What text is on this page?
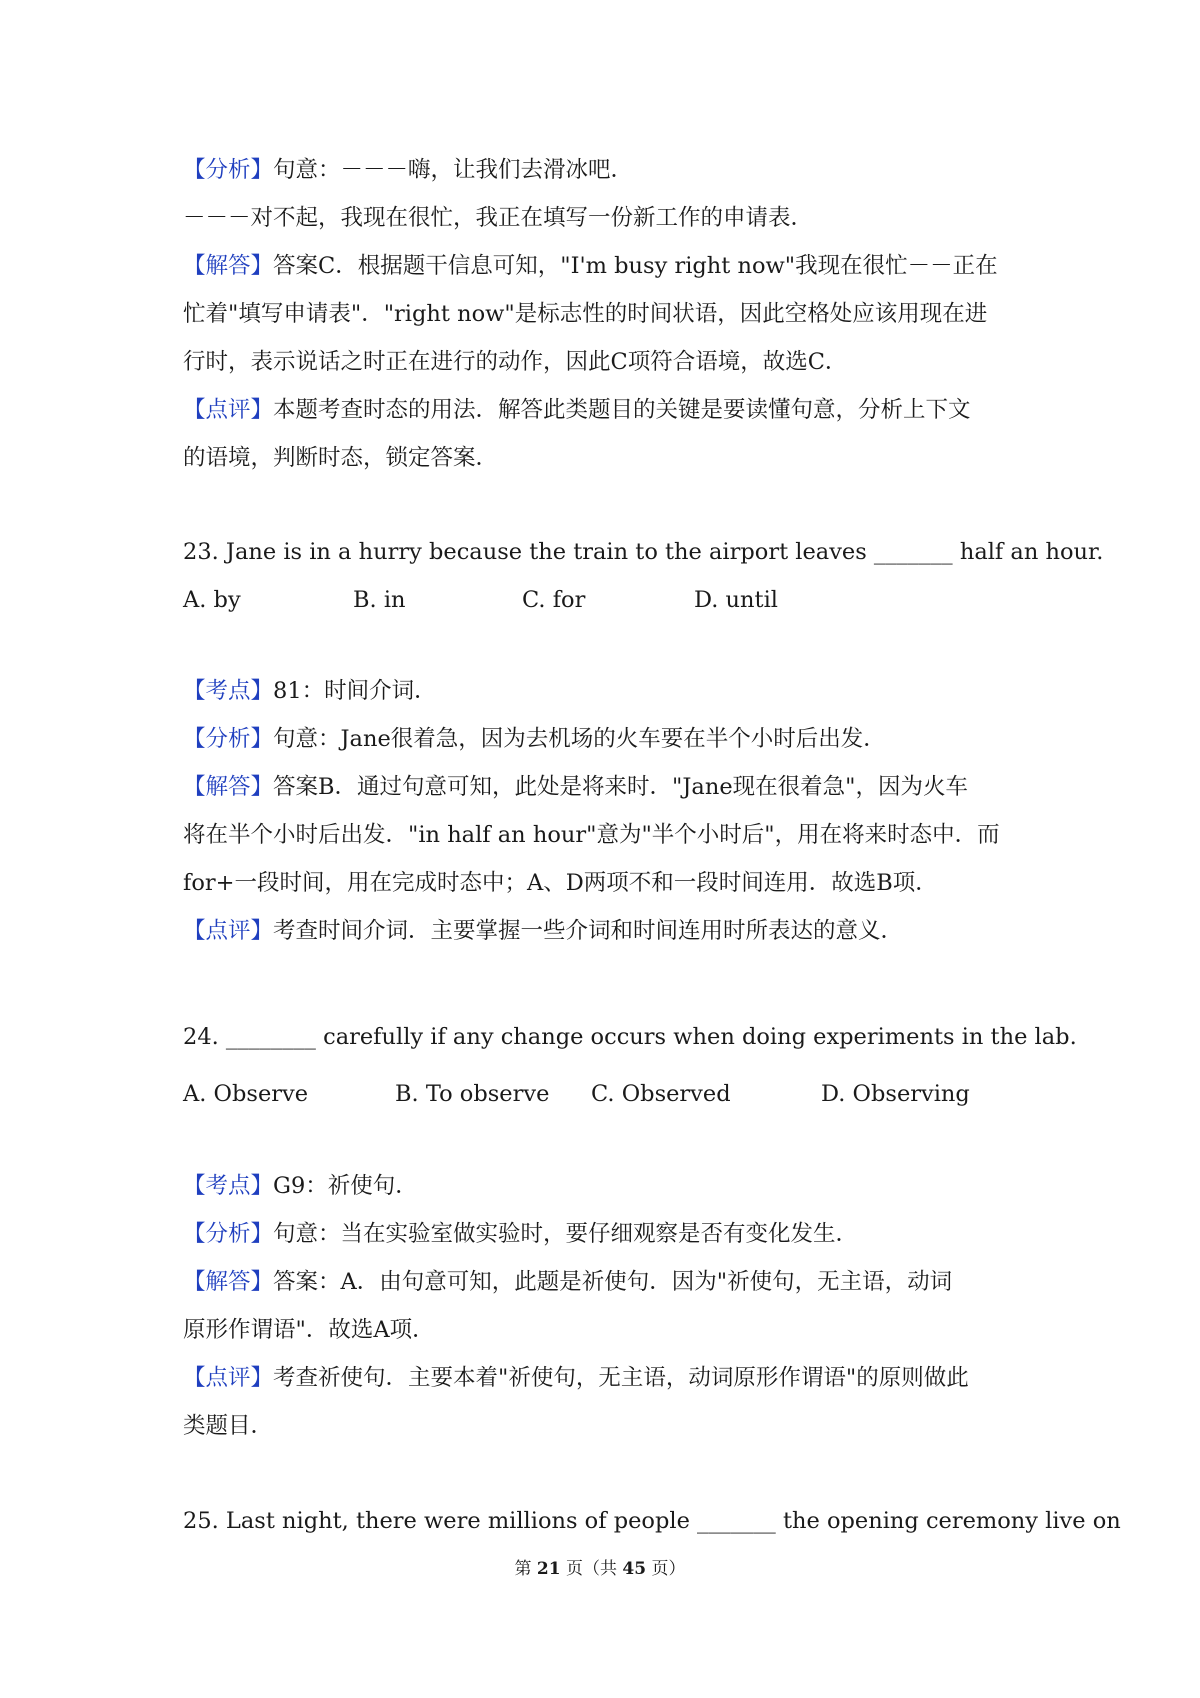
【分析】句意：－－－嗨，让我们去滑冰吧．
－－－对不起，我现在很忙，我正在填写一份新工作的申请表．
【解答】答案C．根据题干信息可知，"I'm busy right now"我现在很忙－－正在
忙着"填写申请表"．"right now"是标志性的时间状语，因此空格处应该用现在进
行时，表示说话之时正在进行的动作，因此C项符合语境，故选C．
【点评】本题考查时态的用法．解答此类题目的关键是要读懂句意，分析上下文
的语境，判断时态，锁定答案．
23. Jane is in a hurry because the train to the airport leaves _______ half an hour.
A. by	B. in	C. for	D. until
【考点】81：时间介词．
【分析】句意：Jane很着急，因为去机场的火车要在半个小时后出发．
【解答】答案B．通过句意可知，此处是将来时．"Jane现在很着急"，因为火车
将在半个小时后出发．"in half an hour"意为"半个小时后"，用在将来时态中．而
for+一段时间，用在完成时态中；A、D两项不和一段时间连用．故选B项．
【点评】考查时间介词．主要掌握一些介词和时间连用时所表达的意义．
24. ________ carefully if any change occurs when doing experiments in the lab.
A. Observe	B. To observe	C. Observed	D. Observing
【考点】G9：祈使句．
【分析】句意：当在实验室做实验时，要仔细观察是否有变化发生．
【解答】答案：A．由句意可知，此题是祈使句．因为"祈使句，无主语，动词
原形作谓语"．故选A项．
【点评】考查祈使句．主要本着"祈使句，无主语，动词原形作谓语"的原则做此
类题目．
25. Last night, there were millions of people _______ the opening ceremony live on
第 21 页（共 45 页）
